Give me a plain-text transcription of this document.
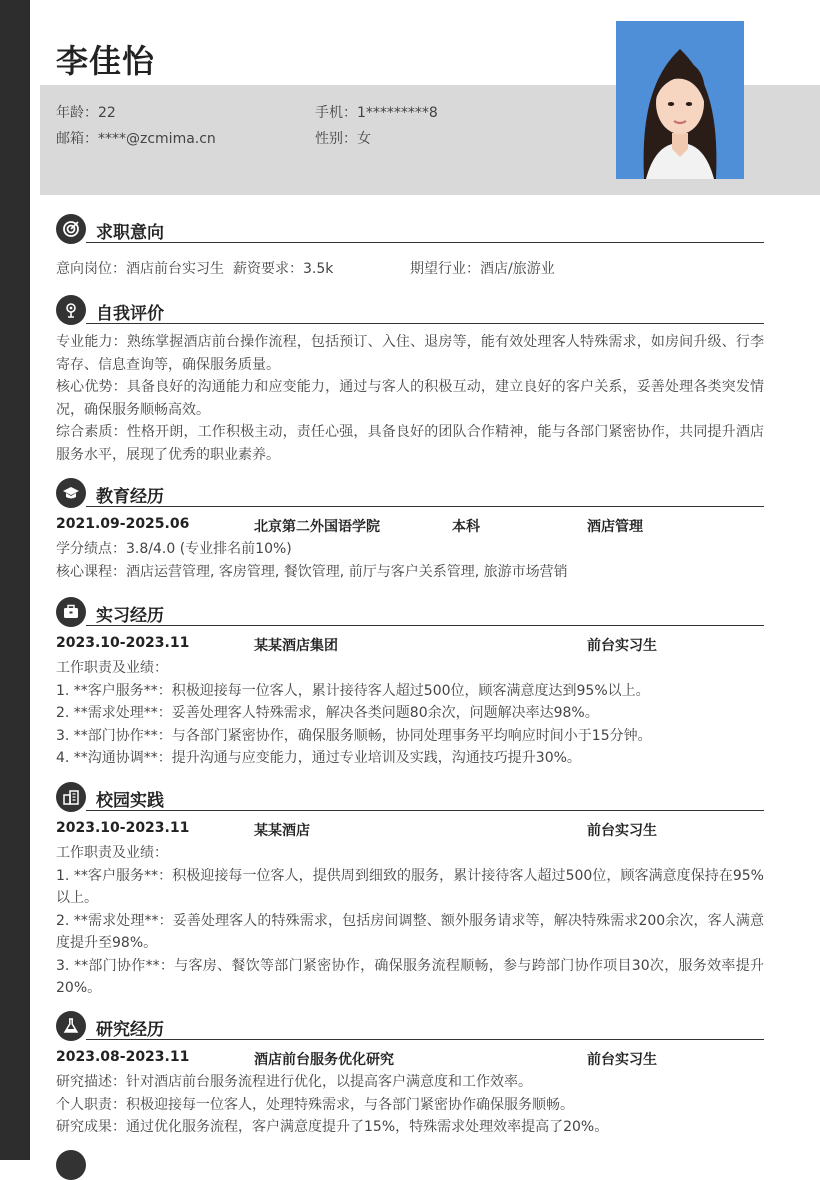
李佳怡
年龄：22	手机：1*********8
邮箱：****@zcmima.cn	性别：女
求职意向
意向岗位：酒店前台实习生 薪资要求：3.5k	期望行业：酒店/旅游业
自我评价
专业能力：熟练掌握酒店前台操作流程，包括预订、入住、退房等，能有效处理客人特殊需求，如房间升级、行李寄存、信息查询等，确保服务质量。
核心优势：具备良好的沟通能力和应变能力，通过与客人的积极互动，建立良好的客户关系，妥善处理各类突发情况，确保服务顺畅高效。
综合素质：性格开朗，工作积极主动，责任心强，具备良好的团队合作精神，能与各部门紧密协作，共同提升酒店服务水平，展现了优秀的职业素养。
教育经历
2021.09-2025.06	北京第二外国语学院	本科	酒店管理
学分绩点：3.8/4.0 (专业排名前10%)
核心课程：酒店运营管理, 客房管理, 餐饮管理, 前厅与客户关系管理, 旅游市场营销
实习经历
2023.10-2023.11	某某酒店集团	前台实习生
工作职责及业绩：
1. **客户服务**：积极迎接每一位客人，累计接待客人超过500位，顾客满意度达到95%以上。
2. **需求处理**：妥善处理客人特殊需求，解决各类问题80余次，问题解决率达98%。
3. **部门协作**：与各部门紧密协作，确保服务顺畅，协同处理事务平均响应时间小于15分钟。
4. **沟通协调**：提升沟通与应变能力，通过专业培训及实践，沟通技巧提升30%。
校园实践
2023.10-2023.11	某某酒店	前台实习生
工作职责及业绩：
1. **客户服务**：积极迎接每一位客人，提供周到细致的服务，累计接待客人超过500位，顾客满意度保持在95%以上。
2. **需求处理**：妥善处理客人的特殊需求，包括房间调整、额外服务请求等，解决特殊需求200余次，客人满意度提升至98%。
3. **部门协作**：与客房、餐饮等部门紧密协作，确保服务流程顺畅，参与跨部门协作项目30次，服务效率提升20%。
研究经历
2023.08-2023.11	酒店前台服务优化研究	前台实习生
研究描述：针对酒店前台服务流程进行优化，以提高客户满意度和工作效率。
个人职责：积极迎接每一位客人，处理特殊需求，与各部门紧密协作确保服务顺畅。
研究成果：通过优化服务流程，客户满意度提升了15%，特殊需求处理效率提高了20%。
